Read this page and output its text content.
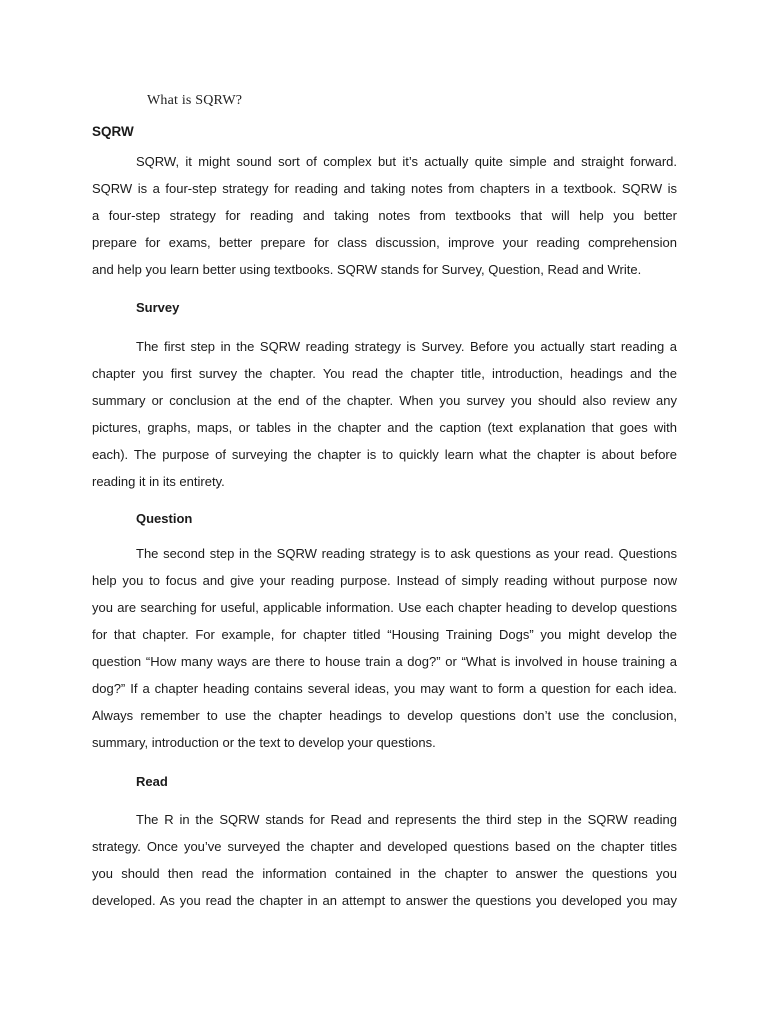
What is SQRW?
SQRW
SQRW, it might sound sort of complex but it’s actually quite simple and straight forward.
SQRW is a four-step strategy for reading and taking notes from chapters in a textbook. SQRW is
a four-step strategy for reading and taking notes from textbooks that will help you better
prepare for exams, better prepare for class discussion, improve your reading comprehension
and help you learn better using textbooks. SQRW stands for Survey, Question, Read and Write.
Survey
The first step in the SQRW reading strategy is Survey. Before you actually start reading a
chapter you first survey the chapter. You read the chapter title, introduction, headings and the
summary or conclusion at the end of the chapter. When you survey you should also review any
pictures, graphs, maps, or tables in the chapter and the caption (text explanation that goes with
each). The purpose of surveying the chapter is to quickly learn what the chapter is about before
reading it in its entirety.
Question
The second step in the SQRW reading strategy is to ask questions as your read. Questions
help you to focus and give your reading purpose. Instead of simply reading without purpose now
you are searching for useful, applicable information. Use each chapter heading to develop questions
for that chapter. For example, for chapter titled “Housing Training Dogs” you might develop the
question “How many ways are there to house train a dog?” or “What is involved in house training a
dog?” If a chapter heading contains several ideas, you may want to form a question for each idea.
Always remember to use the chapter headings to develop questions don’t use the conclusion,
summary, introduction or the text to develop your questions.
Read
The R in the SQRW stands for Read and represents the third step in the SQRW reading
strategy. Once you’ve surveyed the chapter and developed questions based on the chapter titles
you should then read the information contained in the chapter to answer the questions you
developed. As you read the chapter in an attempt to answer the questions you developed you may
